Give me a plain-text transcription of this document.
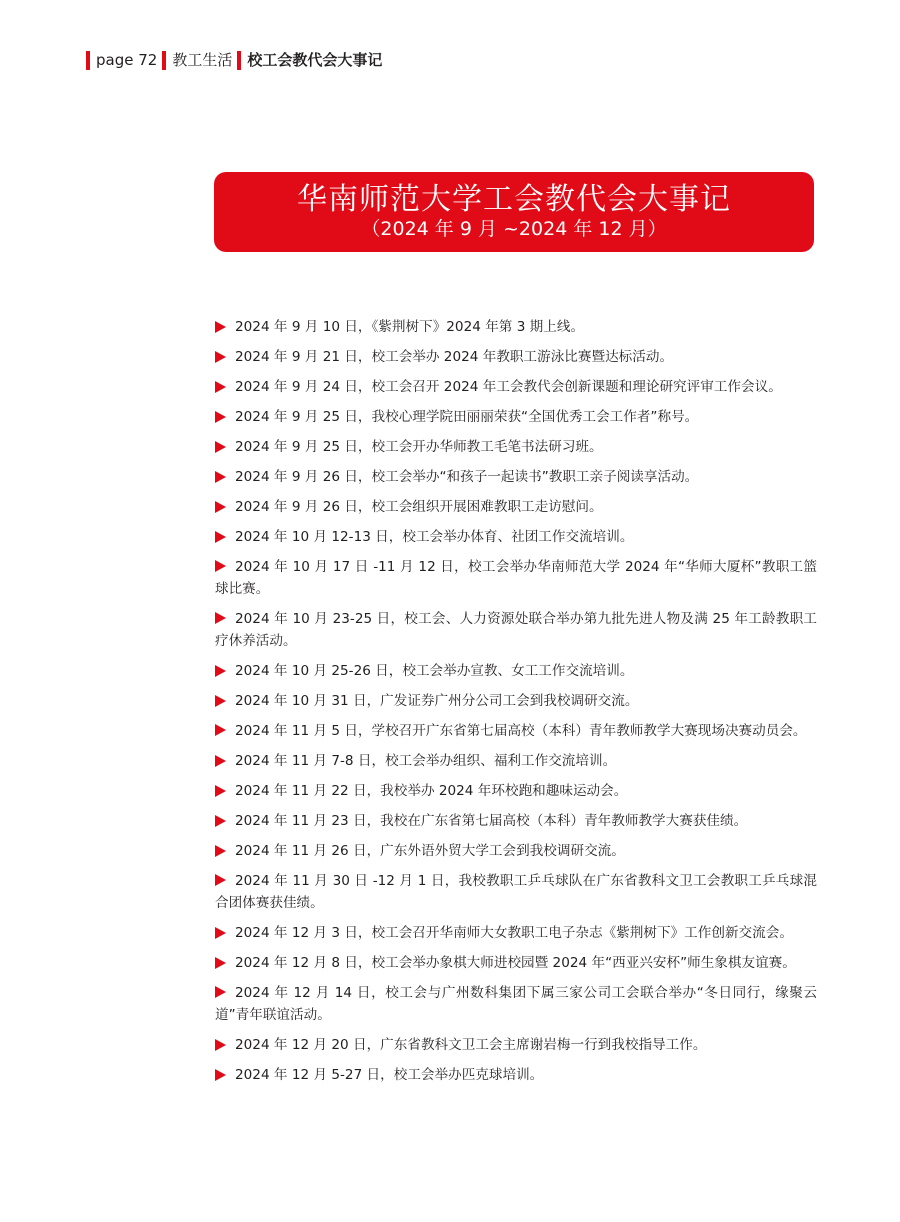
page 72	教工生活	校工会教代会大事记
华南师范大学工会教代会大事记
（2024 年 9 月 ~2024 年 12 月）
2024 年 9 月 10 日，《紫荆树下》2024 年第 3 期上线。
2024 年 9 月 21 日，校工会举办 2024 年教职工游泳比赛暨达标活动。
2024 年 9 月 24 日，校工会召开 2024 年工会教代会创新课题和理论研究评审工作会议。
2024 年 9 月 25 日，我校心理学院田丽丽荣获“全国优秀工会工作者”称号。
2024 年 9 月 25 日，校工会开办华师教工毛笔书法研习班。
2024 年 9 月 26 日，校工会举办“和孩子一起读书”教职工亲子阅读享活动。
2024 年 9 月 26 日，校工会组织开展困难教职工走访慰问。
2024 年 10 月 12-13 日，校工会举办体育、社团工作交流培训。
2024 年 10 月 17 日 -11 月 12 日，校工会举办华南师范大学 2024 年“华师大厦杯”教职工篮球比赛。
2024 年 10 月 23-25 日，校工会、人力资源处联合举办第九批先进人物及满 25 年工龄教职工疗休养活动。
2024 年 10 月 25-26 日，校工会举办宣教、女工工作交流培训。
2024 年 10 月 31 日，广发证券广州分公司工会到我校调研交流。
2024 年 11 月 5 日，学校召开广东省第七届高校（本科）青年教师教学大赛现场决赛动员会。
2024 年 11 月 7-8 日，校工会举办组织、福利工作交流培训。
2024 年 11 月 22 日，我校举办 2024 年环校跑和趣味运动会。
2024 年 11 月 23 日，我校在广东省第七届高校（本科）青年教师教学大赛获佳绩。
2024 年 11 月 26 日，广东外语外贸大学工会到我校调研交流。
2024 年 11 月 30 日 -12 月 1 日，我校教职工乒乓球队在广东省教科文卫工会教职工乒乓球混合团体赛获佳绩。
2024 年 12 月 3 日，校工会召开华南师大女教职工电子杂志《紫荆树下》工作创新交流会。
2024 年 12 月 8 日，校工会举办象棋大师进校园暨 2024 年“西亚兴安杯”师生象棋友谊赛。
2024 年 12 月 14 日，校工会与广州数科集团下属三家公司工会联合举办“冬日同行，缘聚云道”青年联谊活动。
2024 年 12 月 20 日，广东省教科文卫工会主席谢岩梅一行到我校指导工作。
2024 年 12 月 5-27 日，校工会举办匹克球培训。
